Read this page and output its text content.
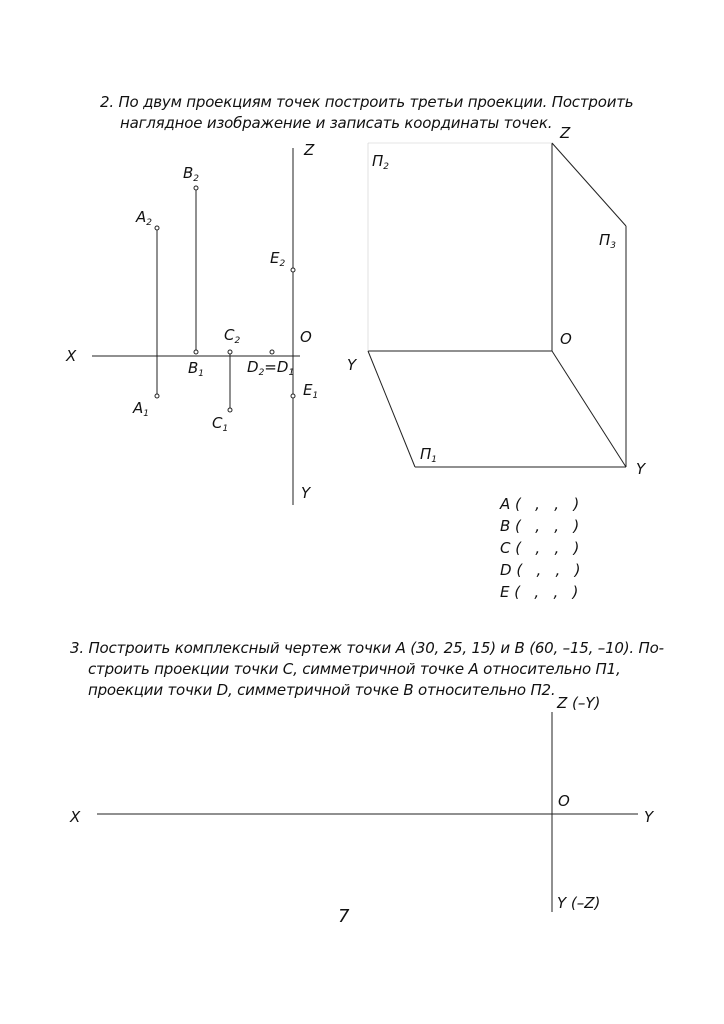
2. По двум проекциям точек построить третьи проекции. Построить
наглядное изображение и записать координаты точек.

X
Z
Y
O
A2
A1
B2
B1
C2
C1
D2=D1
E2
E1
Z
Y
Y
O
П2
П3
П1
X	Y
Z (–Y)
Y (–Z)
O
A (   ,   ,   )
B (   ,   ,   )
C (   ,   ,   )
D (   ,   ,   )
E (   ,   ,   )

3. Построить комплексный чертеж точки A (30, 25, 15) и B (60, –15, –10). По-
строить проекции точки C, симметричной точке A относительно П1,
проекции точки D, симметричной точке B относительно П2.

7
